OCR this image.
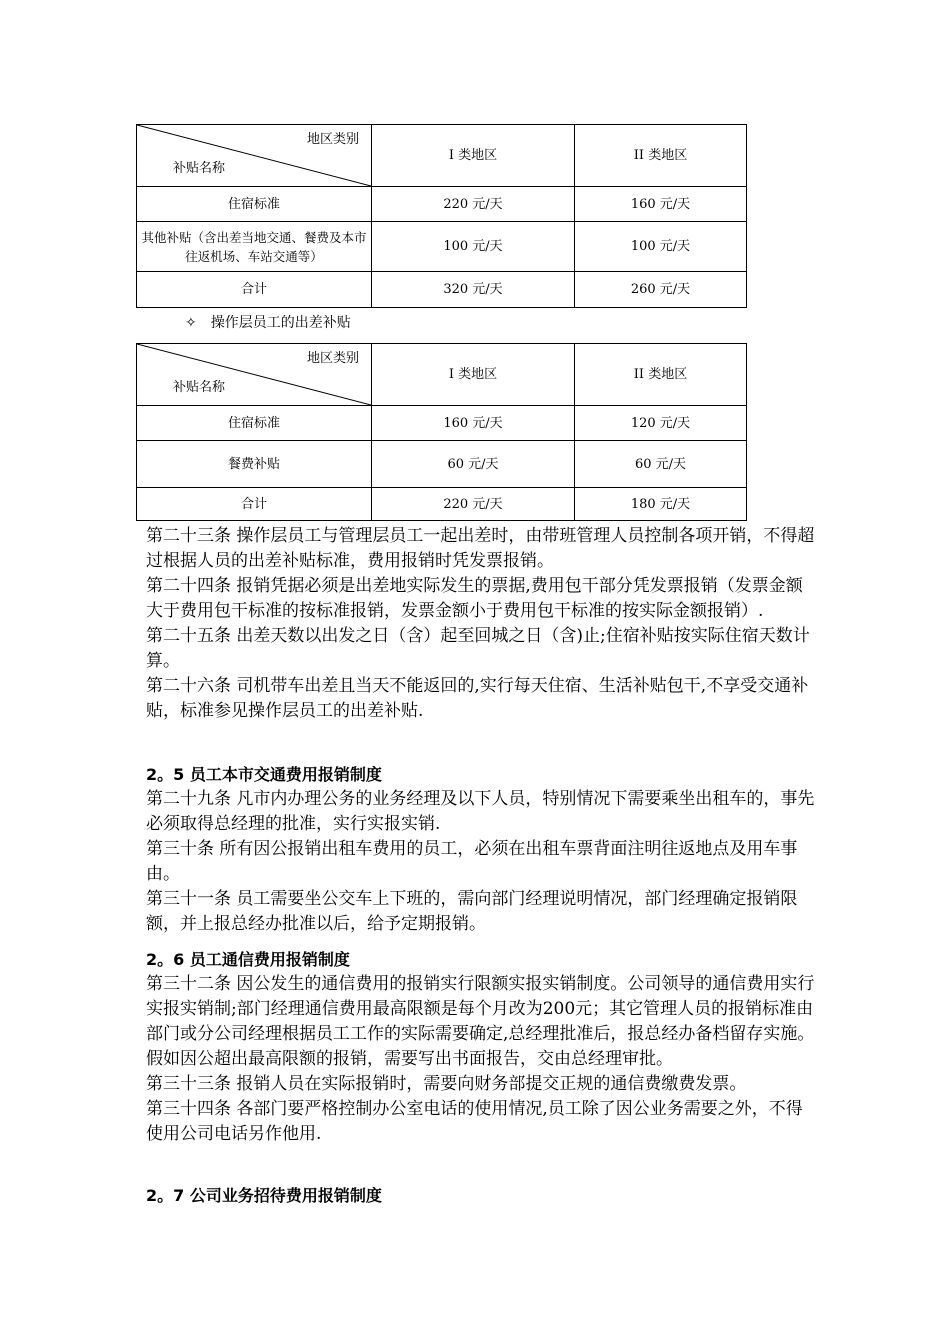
地区类别
补贴名称	I 类地区	II 类地区
住宿标准	220 元/天	160 元/天
其他补贴（含出差当地交通、餐费及本市往返机场、车站交通等）	100 元/天	100 元/天
合计	320 元/天	260 元/天
✧ 操作层员工的出差补贴
地区类别
补贴名称	I 类地区	II 类地区
住宿标准	160 元/天	120 元/天
餐费补贴	60 元/天	60 元/天
合计	220 元/天	180 元/天

第二十三条 操作层员工与管理层员工一起出差时，由带班管理人员控制各项开销，不得超过根据人员的出差补贴标准，费用报销时凭发票报销。

第二十四条 报销凭据必须是出差地实际发生的票据,费用包干部分凭发票报销（发票金额大于费用包干标准的按标准报销，发票金额小于费用包干标准的按实际金额报销）.

第二十五条 出差天数以出发之日（含）起至回城之日（含)止;住宿补贴按实际住宿天数计算。

第二十六条 司机带车出差且当天不能返回的,实行每天住宿、生活补贴包干,不享受交通补贴，标准参见操作层员工的出差补贴.

2。5 员工本市交通费用报销制度

第二十九条 凡市内办理公务的业务经理及以下人员，特别情况下需要乘坐出租车的，事先必须取得总经理的批准，实行实报实销.

第三十条 所有因公报销出租车费用的员工，必须在出租车票背面注明往返地点及用车事由。

第三十一条 员工需要坐公交车上下班的，需向部门经理说明情况，部门经理确定报销限额，并上报总经办批准以后，给予定期报销。

2。6 员工通信费用报销制度

第三十二条 因公发生的通信费用的报销实行限额实报实销制度。公司领导的通信费用实行实报实销制;部门经理通信费用最高限额是每个月改为200元；其它管理人员的报销标准由部门或分公司经理根据员工工作的实际需要确定,总经理批准后，报总经办备档留存实施。假如因公超出最高限额的报销，需要写出书面报告，交由总经理审批。

第三十三条 报销人员在实际报销时，需要向财务部提交正规的通信费缴费发票。

第三十四条 各部门要严格控制办公室电话的使用情况,员工除了因公业务需要之外，不得使用公司电话另作他用.

2。7 公司业务招待费用报销制度
